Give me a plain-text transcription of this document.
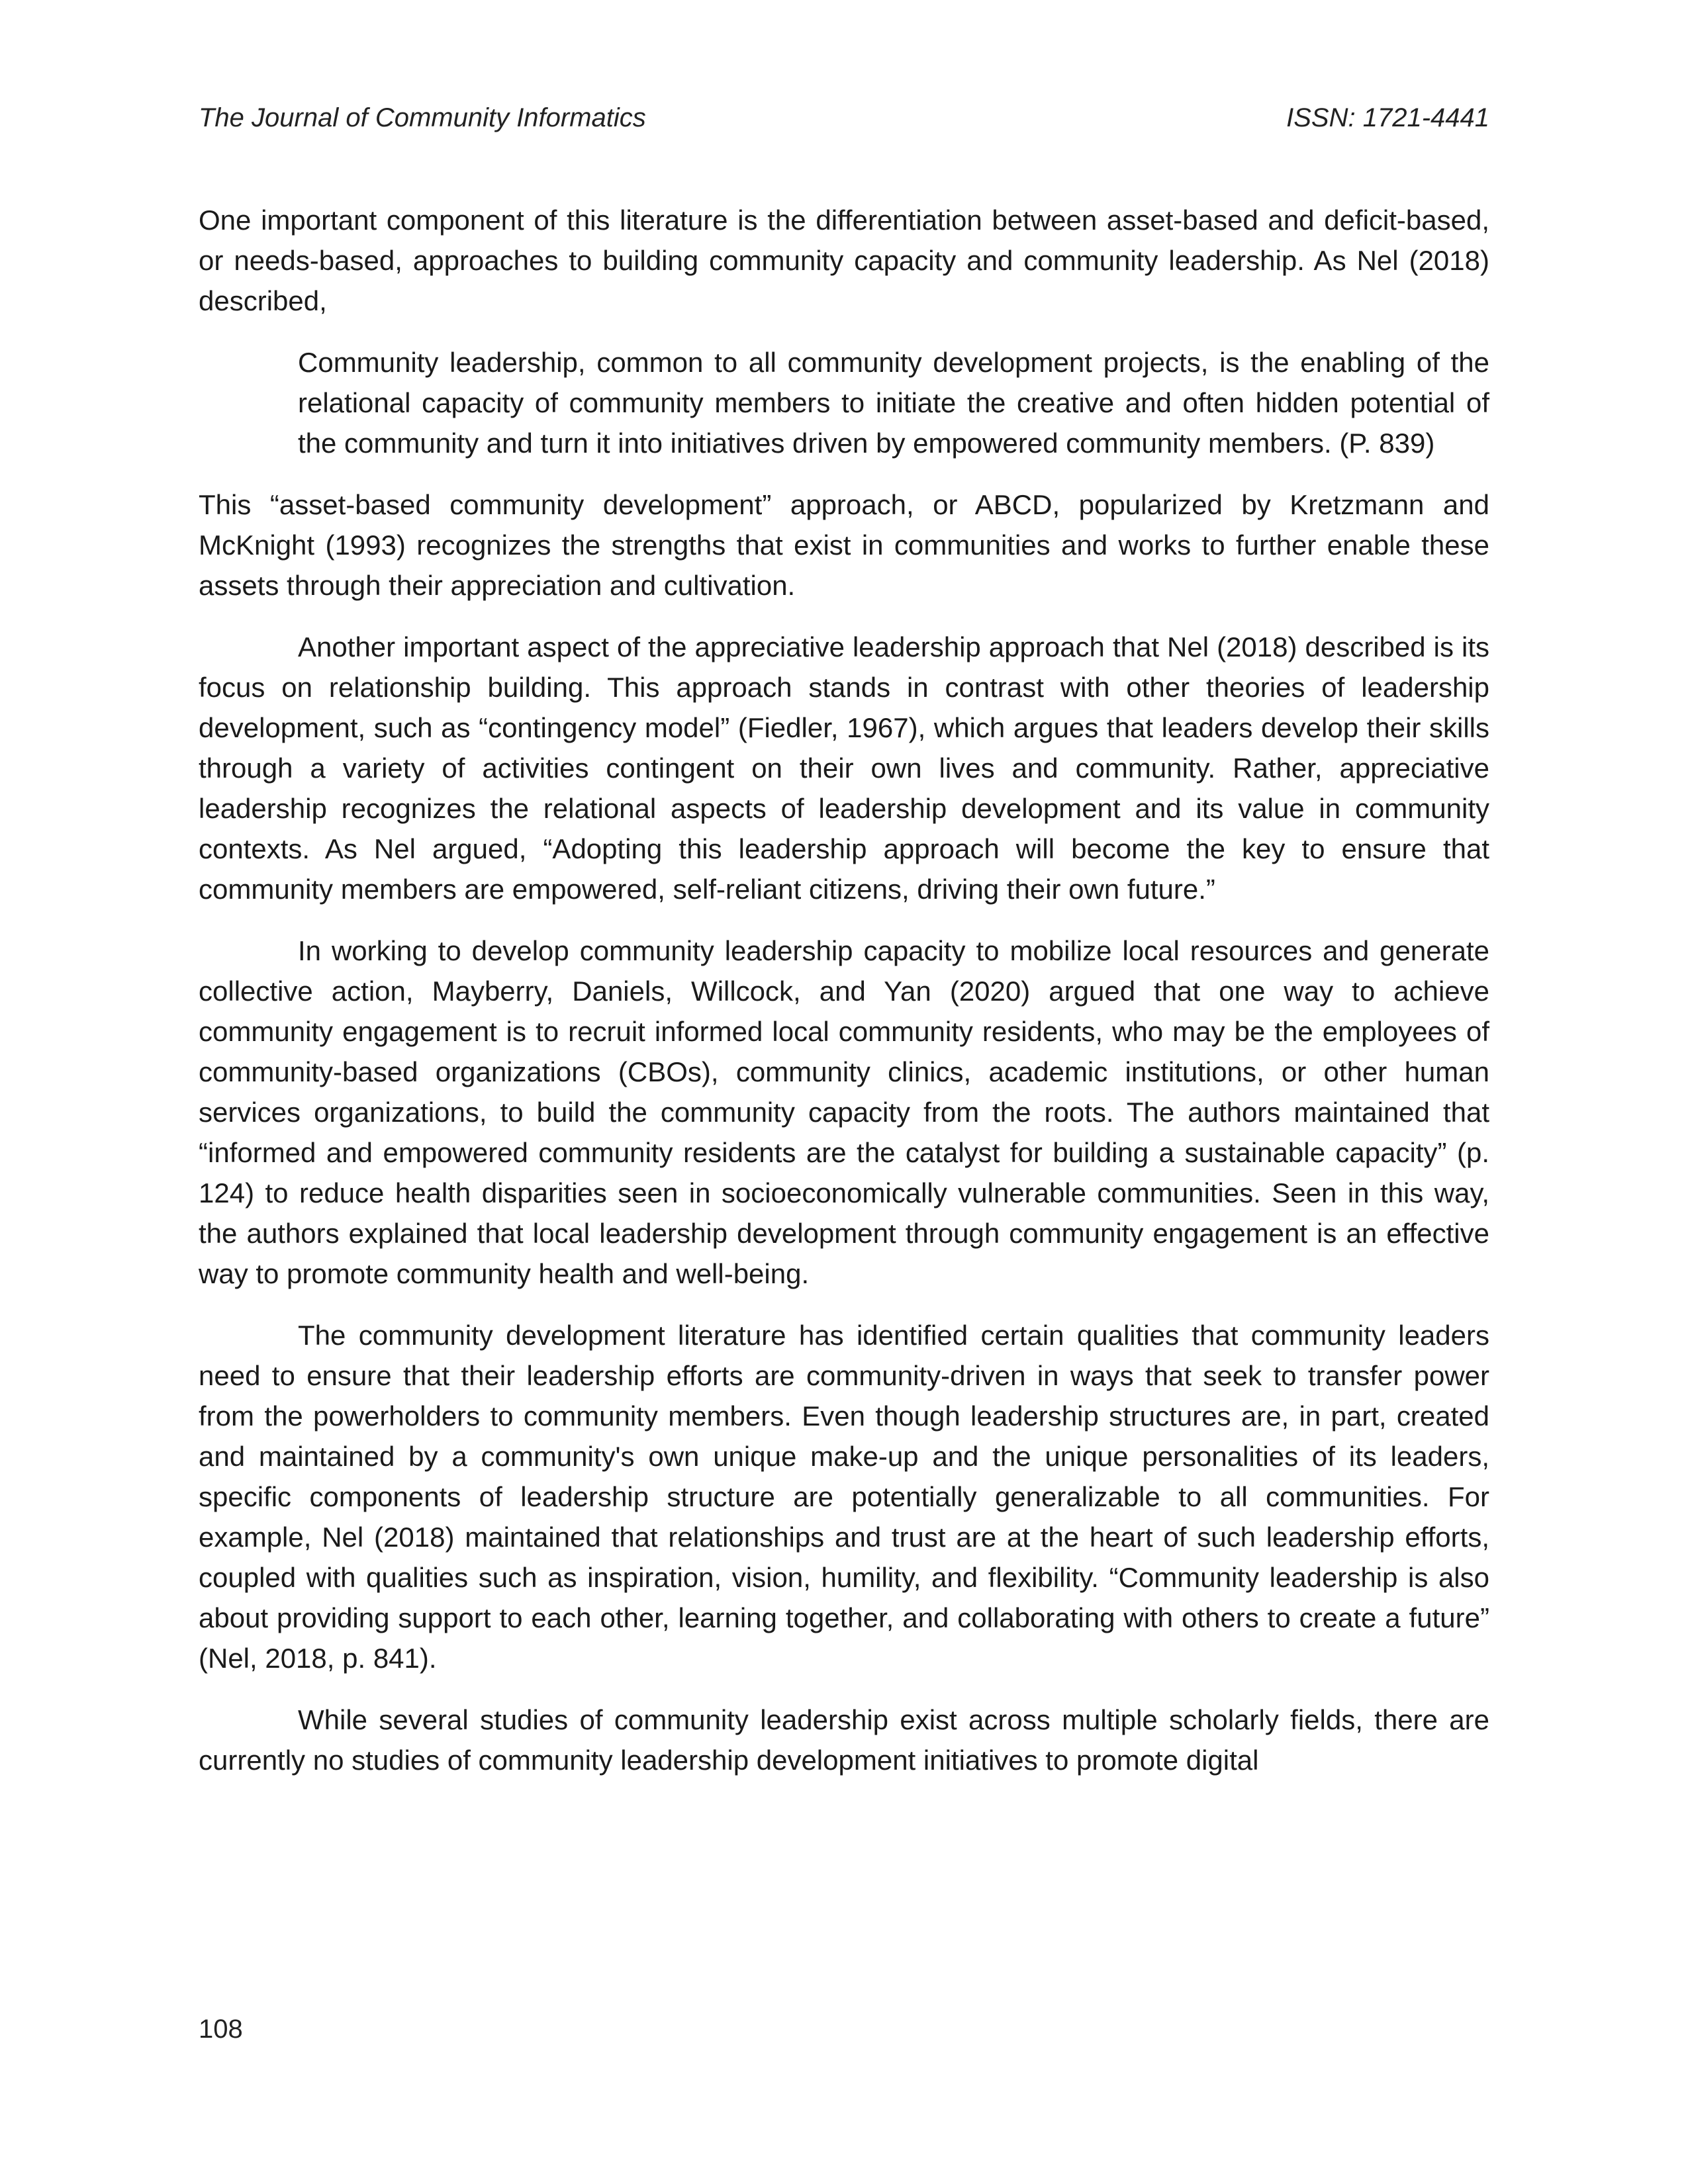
The Journal of Community Informatics	ISSN: 1721-4441

One important component of this literature is the differentiation between asset-based and deficit-based, or needs-based, approaches to building community capacity and community leadership. As Nel (2018) described,

Community leadership, common to all community development projects, is the enabling of the relational capacity of community members to initiate the creative and often hidden potential of the community and turn it into initiatives driven by empowered community members. (P. 839)

This “asset-based community development” approach, or ABCD, popularized by Kretzmann and McKnight (1993) recognizes the strengths that exist in communities and works to further enable these assets through their appreciation and cultivation.

Another important aspect of the appreciative leadership approach that Nel (2018) described is its focus on relationship building. This approach stands in contrast with other theories of leadership development, such as “contingency model” (Fiedler, 1967), which argues that leaders develop their skills through a variety of activities contingent on their own lives and community. Rather, appreciative leadership recognizes the relational aspects of leadership development and its value in community contexts. As Nel argued, “Adopting this leadership approach will become the key to ensure that community members are empowered, self-reliant citizens, driving their own future.”

In working to develop community leadership capacity to mobilize local resources and generate collective action, Mayberry, Daniels, Willcock, and Yan (2020) argued that one way to achieve community engagement is to recruit informed local community residents, who may be the employees of community-based organizations (CBOs), community clinics, academic institutions, or other human services organizations, to build the community capacity from the roots. The authors maintained that “informed and empowered community residents are the catalyst for building a sustainable capacity” (p. 124) to reduce health disparities seen in socioeconomically vulnerable communities. Seen in this way, the authors explained that local leadership development through community engagement is an effective way to promote community health and well-being.

The community development literature has identified certain qualities that community leaders need to ensure that their leadership efforts are community-driven in ways that seek to transfer power from the powerholders to community members. Even though leadership structures are, in part, created and maintained by a community's own unique make-up and the unique personalities of its leaders, specific components of leadership structure are potentially generalizable to all communities. For example, Nel (2018) maintained that relationships and trust are at the heart of such leadership efforts, coupled with qualities such as inspiration, vision, humility, and flexibility. “Community leadership is also about providing support to each other, learning together, and collaborating with others to create a future” (Nel, 2018, p. 841).

While several studies of community leadership exist across multiple scholarly fields, there are currently no studies of community leadership development initiatives to promote digital

108
